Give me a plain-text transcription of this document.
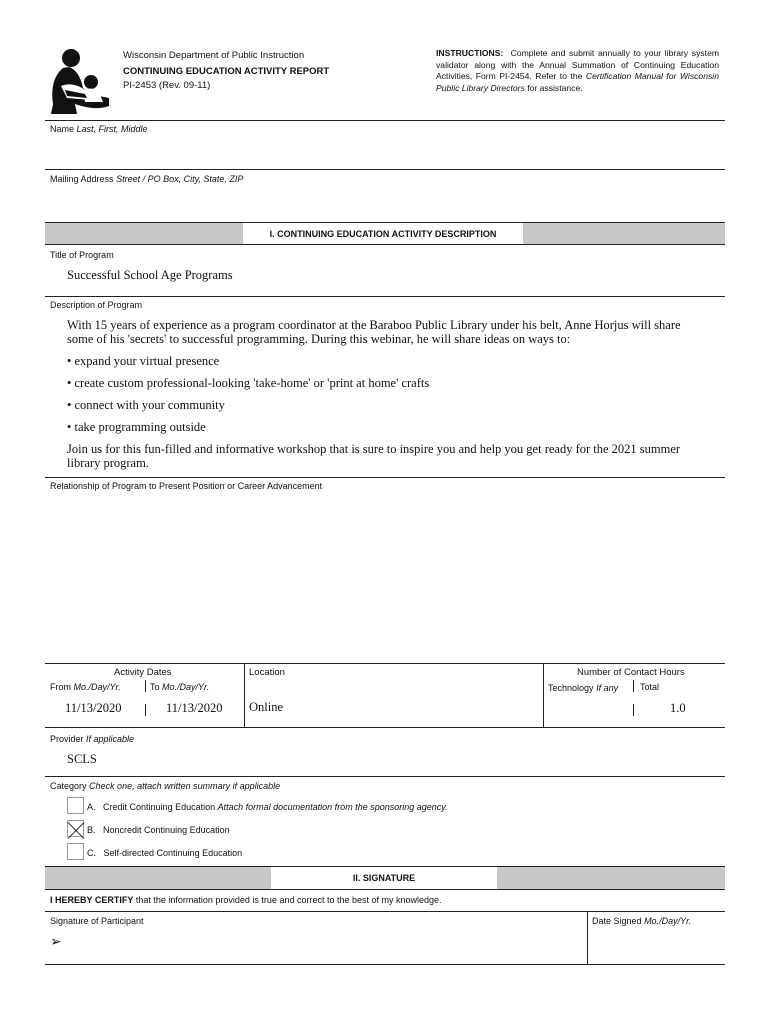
Wisconsin Department of Public Instruction
CONTINUING EDUCATION ACTIVITY REPORT
PI-2453 (Rev. 09-11)
INSTRUCTIONS: Complete and submit annually to your library system validator along with the Annual Summation of Continuing Education Activities, Form PI-2454. Refer to the Certification Manual for Wisconsin Public Library Directors for assistance.
Name Last, First, Middle
Mailing Address Street / PO Box, City, State, ZIP
I. CONTINUING EDUCATION ACTIVITY DESCRIPTION
Title of Program
Successful School Age Programs
Description of Program
With 15 years of experience as a program coordinator at the Baraboo Public Library under his belt, Anne Horjus will share some of his 'secrets' to successful programming. During this webinar, he will share ideas on ways to:
• expand your virtual presence
• create custom professional-looking 'take-home' or 'print at home' crafts
• connect with your community
• take programming outside
Join us for this fun-filled and informative workshop that is sure to inspire you and help you get ready for the 2021 summer library program.
Relationship of Program to Present Position or Career Advancement
Activity Dates
From Mo./Day/Yr.	To Mo./Day/Yr.
11/13/2020	11/13/2020
Location
Online
Number of Contact Hours
Technology If any Total
1.0
Provider If applicable
SCLS
Category Check one, attach written summary if applicable
A. Credit Continuing Education Attach formal documentation from the sponsoring agency.
B. Noncredit Continuing Education
C. Self-directed Continuing Education
II. SIGNATURE
I HEREBY CERTIFY that the information provided is true and correct to the best of my knowledge.
Signature of Participant
➢
Date Signed Mo./Day/Yr.
